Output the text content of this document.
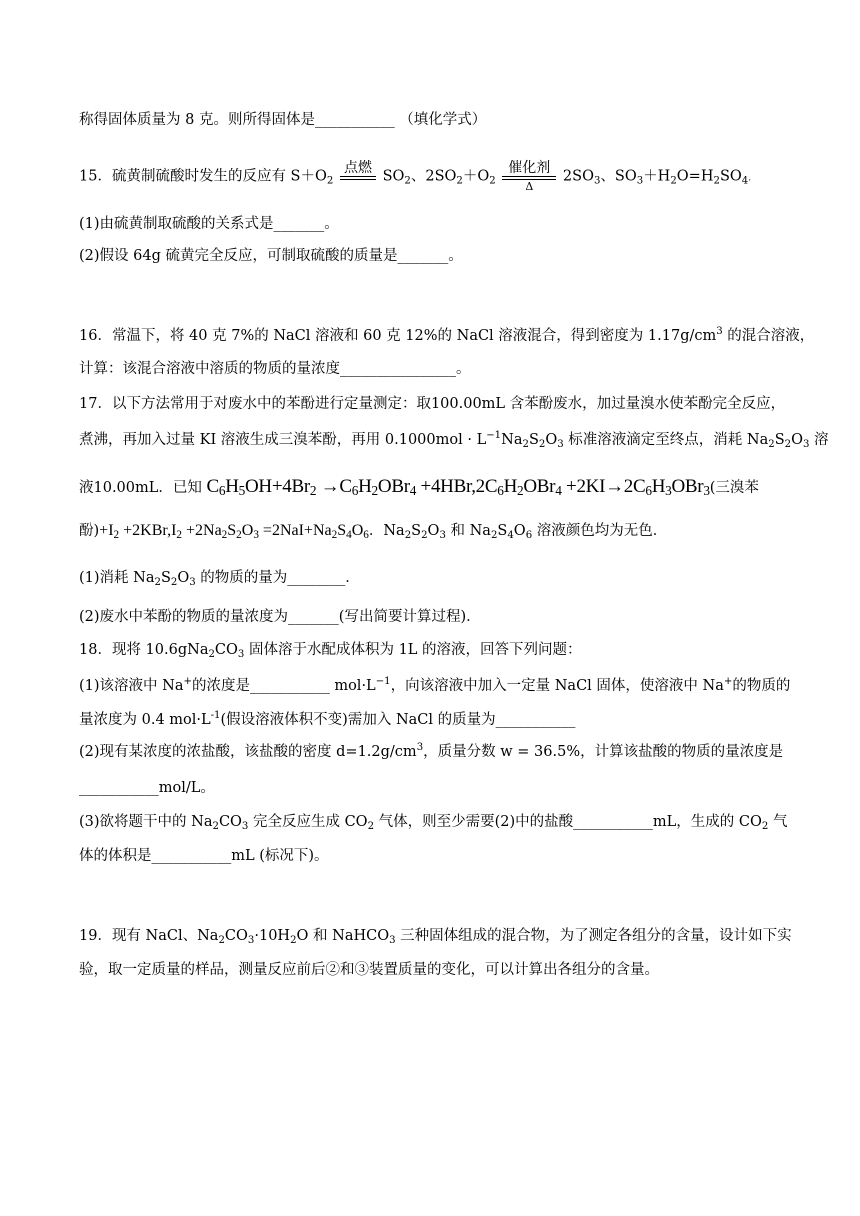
称得固体质量为 8 克。则所得固体是___________ （填化学式）
15．硫黄制硫酸时发生的反应有 $S+O_2$
点燃

$SO_2$、$2SO_2+O_2$
催化剂
Δ
$2SO_3$、$SO_3+H_2O=H_2SO_4$.
(1)由硫黄制取硫酸的关系式是_______。
(2)假设 64g 硫黄完全反应，可制取硫酸的质量是_______。
16．常温下，将 40 克 7%的 NaCl 溶液和 60 克 12%的 NaCl 溶液混合，得到密度为 $1.17g/cm^3$ 的混合溶液，
计算：该混合溶液中溶质的物质的量浓度________________。
17．以下方法常用于对废水中的苯酚进行定量测定：取100.00mL 含苯酚废水，加过量溴水使苯酚完全反应，
煮沸，再加入过量 KI 溶液生成三溴苯酚，再用 $0.1000mol \cdot L^{-1}Na_2S_2O_3$ 标准溶液滴定至终点，消耗 $Na_2S_2O_3$ 溶
液10.00mL．已知 $C_6H_5OH+4Br_2 \to C_6H_2OBr_4 +4HBr,2C_6H_2OBr_4 +2KI\to 2C_6H_3OBr_3$(三溴苯
酚)$+I_2 +2KBr,I_2 +2Na_2S_2O_3 =2NaI+Na_2S_4O_6$．$Na_2S_2O_3$ 和 $Na_2S_4O_6$ 溶液颜色均为无色．
(1)消耗 $Na_2S_2O_3$ 的物质的量为________．
(2)废水中苯酚的物质的量浓度为_______(写出简要计算过程)．
18．现将 $10.6gNa_2CO_3$ 固体溶于水配成体积为 1L 的溶液，回答下列问题：
(1)该溶液中 Na+的浓度是___________ $mol\cdot L^{-1}$，向该溶液中加入一定量 NaCl 固体，使溶液中 Na+的物质的
量浓度为 0.4 $mol\cdot L^{-1}$(假设溶液体积不变)需加入 NaCl 的质量为___________
(2)现有某浓度的浓盐酸，该盐酸的密度 $d=1.2g/cm^3$，质量分数 w = 36.5%，计算该盐酸的物质的量浓度是
___________mol/L。
(3)欲将题干中的 $Na_2CO_3$ 完全反应生成 $CO_2$ 气体，则至少需要(2)中的盐酸___________mL，生成的 $CO_2$ 气
体的体积是___________mL (标况下)。
19．现有 NaCl、$Na_2CO_3\cdot 10H_2O$ 和 NaHCO$_3$ 三种固体组成的混合物，为了测定各组分的含量，设计如下实
验，取一定质量的样品，测量反应前后②和③装置质量的变化，可以计算出各组分的含量。
